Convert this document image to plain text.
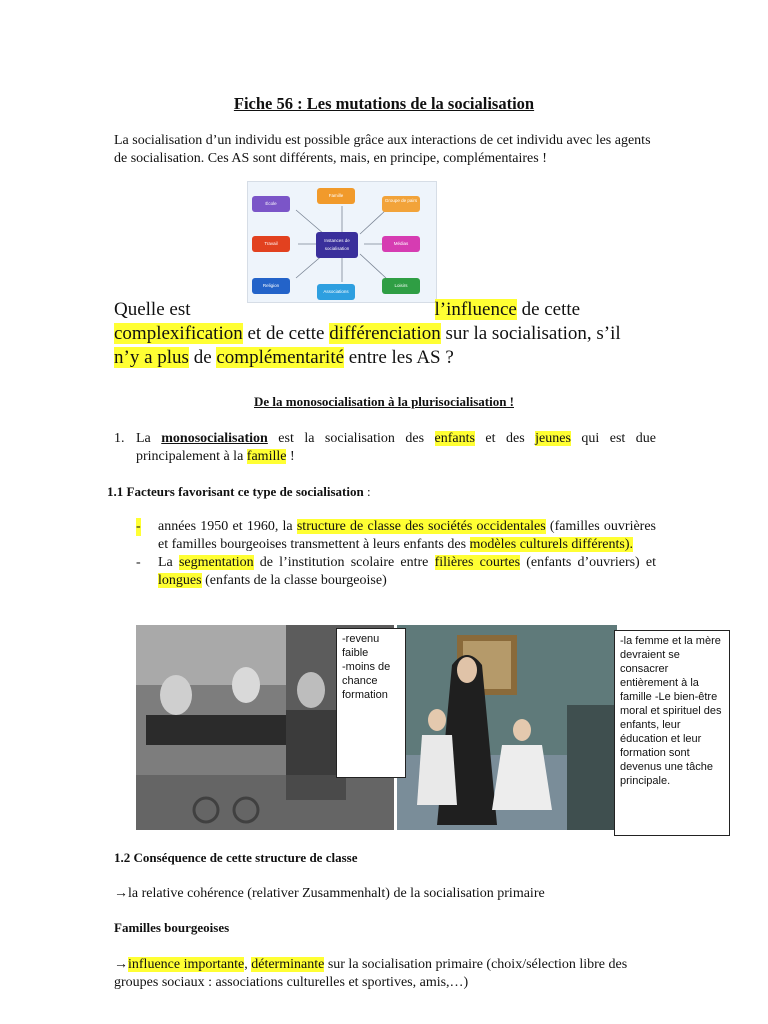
Fiche 56 : Les mutations de la socialisation
La socialisation d’un individu est possible grâce aux interactions de cet individu avec les agents de socialisation. Ces AS sont différents, mais, en principe, complémentaires !
Instances de socialisation
Famille
Groupe de pairs
Médias
Loisirs
Associations
Religion
Travail
École
Quelle est	l’influence de cette
complexification et de cette différenciation sur la socialisation, s’il
n’y a plus de complémentarité entre les AS ?
De la monosocialisation à la plurisocialisation !
1. La monosocialisation est la socialisation des enfants et des jeunes qui est due principalement à la famille !
1.1 Facteurs favorisant ce type de socialisation :
- années 1950 et 1960, la structure de classe des sociétés occidentales (familles ouvrières et familles bourgeoises transmettent à leurs enfants des modèles culturels différents).
- La segmentation de l’institution scolaire entre filières courtes (enfants d’ouvriers) et longues (enfants de la classe bourgeoise)
-revenu
faible
-moins de
chance
formation
-la femme et la mère devraient se consacrer entièrement à la famille -Le bien-être moral et spirituel des enfants, leur éducation et leur formation sont devenus une tâche principale.
1.2 Conséquence de cette structure de classe
→la relative cohérence (relativer Zusammenhalt) de la socialisation primaire
Familles bourgeoises
→influence importante, déterminante sur la socialisation primaire (choix/sélection libre des groupes sociaux : associations culturelles et sportives, amis,…)
